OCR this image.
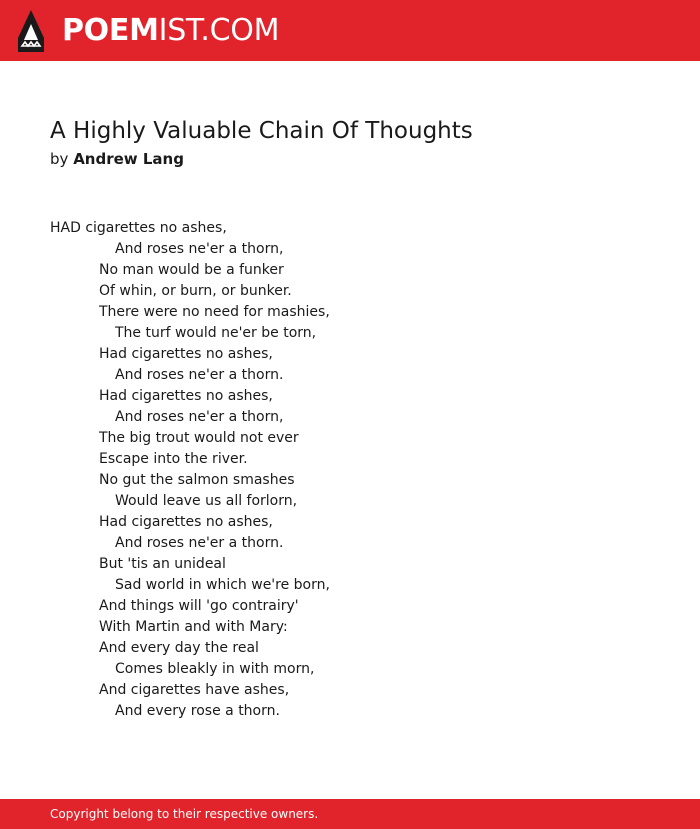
POEMIST.COM
A Highly Valuable Chain Of Thoughts
by Andrew Lang
HAD cigarettes no ashes,
And roses ne'er a thorn,
No man would be a funker
Of whin, or burn, or bunker.
There were no need for mashies,
The turf would ne'er be torn,
Had cigarettes no ashes,
And roses ne'er a thorn.
Had cigarettes no ashes,
And roses ne'er a thorn,
The big trout would not ever
Escape into the river.
No gut the salmon smashes
Would leave us all forlorn,
Had cigarettes no ashes,
And roses ne'er a thorn.
But 'tis an unideal
Sad world in which we're born,
And things will 'go contrairy'
With Martin and with Mary:
And every day the real
Comes bleakly in with morn,
And cigarettes have ashes,
And every rose a thorn.
Copyright belong to their respective owners.
